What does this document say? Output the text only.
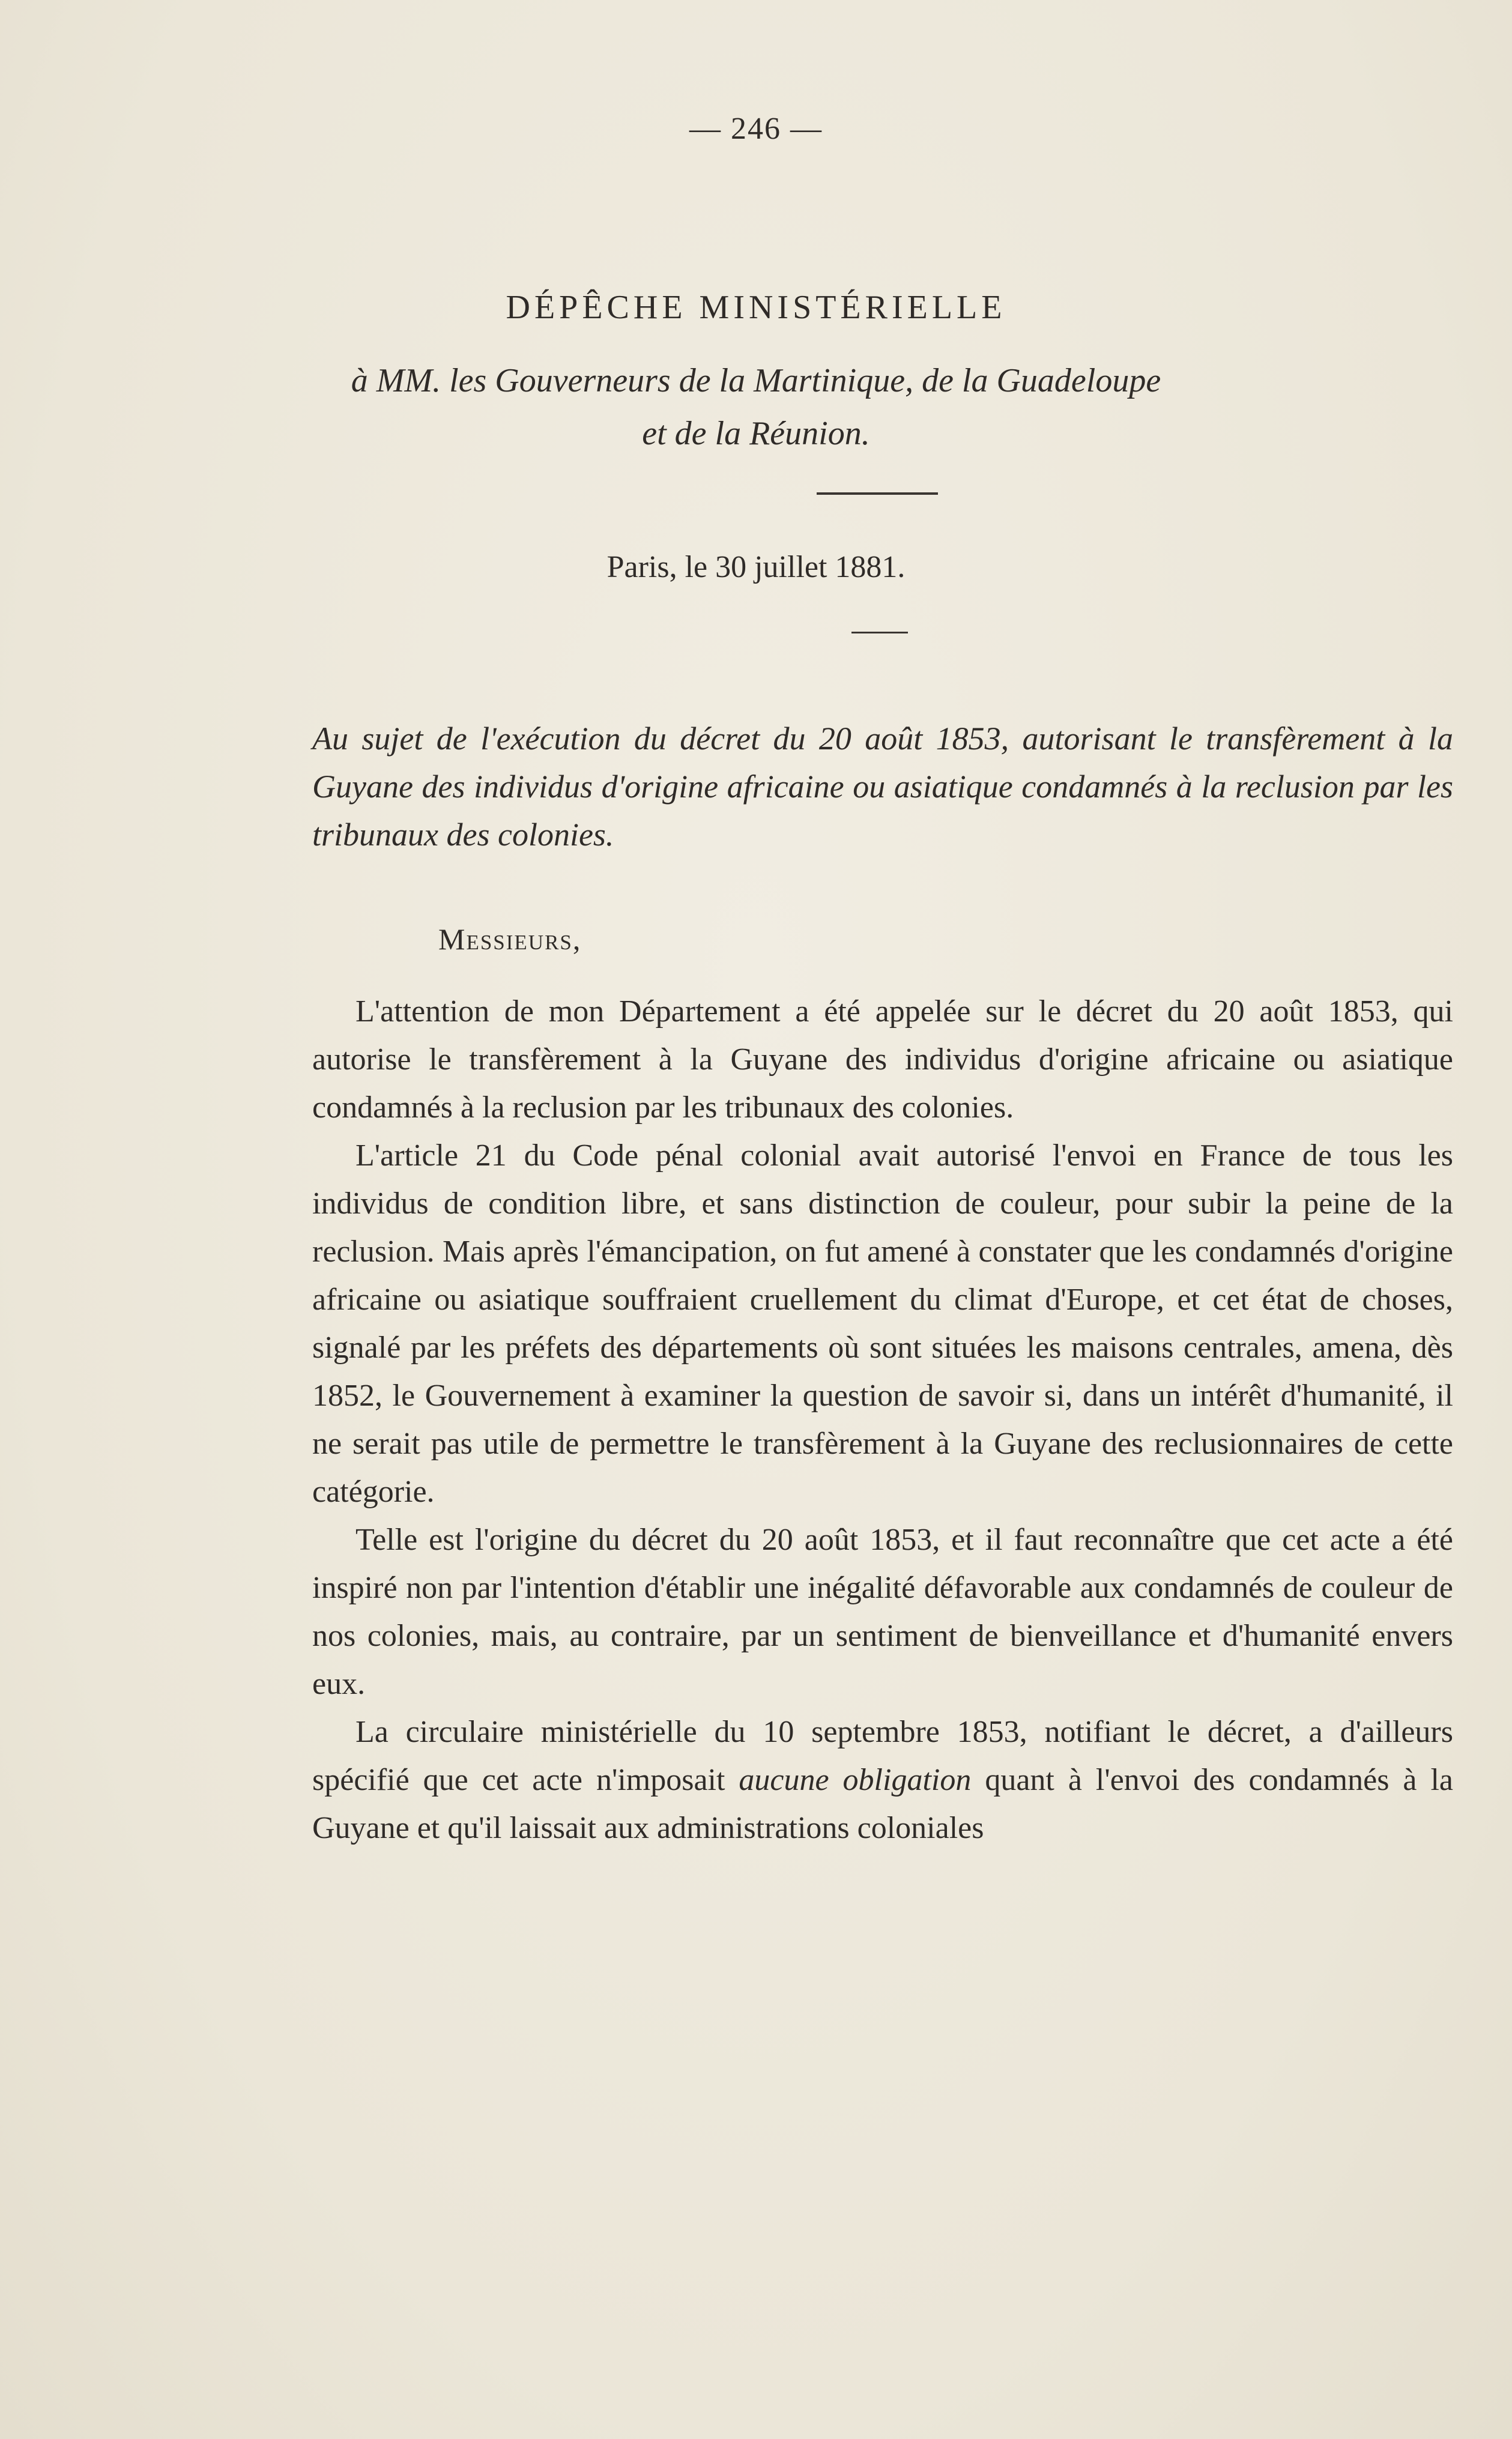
— 246 —
DÉPÊCHE MINISTÉRIELLE
à MM. les Gouverneurs de la Martinique, de la Guadeloupe
et de la Réunion.
Paris, le 30 juillet 1881.
Au sujet de l'exécution du décret du 20 août 1853, autorisant le transfèrement à la Guyane des individus d'origine africaine ou asiatique condamnés à la reclusion par les tribunaux des colonies.
Messieurs,

L'attention de mon Département a été appelée sur le décret du 20 août 1853, qui autorise le transfèrement à la Guyane des individus d'origine africaine ou asiatique condamnés à la reclusion par les tribunaux des colonies.

L'article 21 du Code pénal colonial avait autorisé l'envoi en France de tous les individus de condition libre, et sans distinction de couleur, pour subir la peine de la reclusion. Mais après l'émancipation, on fut amené à constater que les condamnés d'origine africaine ou asiatique souffraient cruellement du climat d'Europe, et cet état de choses, signalé par les préfets des départements où sont situées les maisons centrales, amena, dès 1852, le Gouvernement à examiner la question de savoir si, dans un intérêt d'humanité, il ne serait pas utile de permettre le transfèrement à la Guyane des reclusionnaires de cette catégorie.

Telle est l'origine du décret du 20 août 1853, et il faut reconnaître que cet acte a été inspiré non par l'intention d'établir une inégalité défavorable aux condamnés de couleur de nos colonies, mais, au contraire, par un sentiment de bienveillance et d'humanité envers eux.

La circulaire ministérielle du 10 septembre 1853, notifiant le décret, a d'ailleurs spécifié que cet acte n'imposait aucune obligation quant à l'envoi des condamnés à la Guyane et qu'il laissait aux administrations coloniales
